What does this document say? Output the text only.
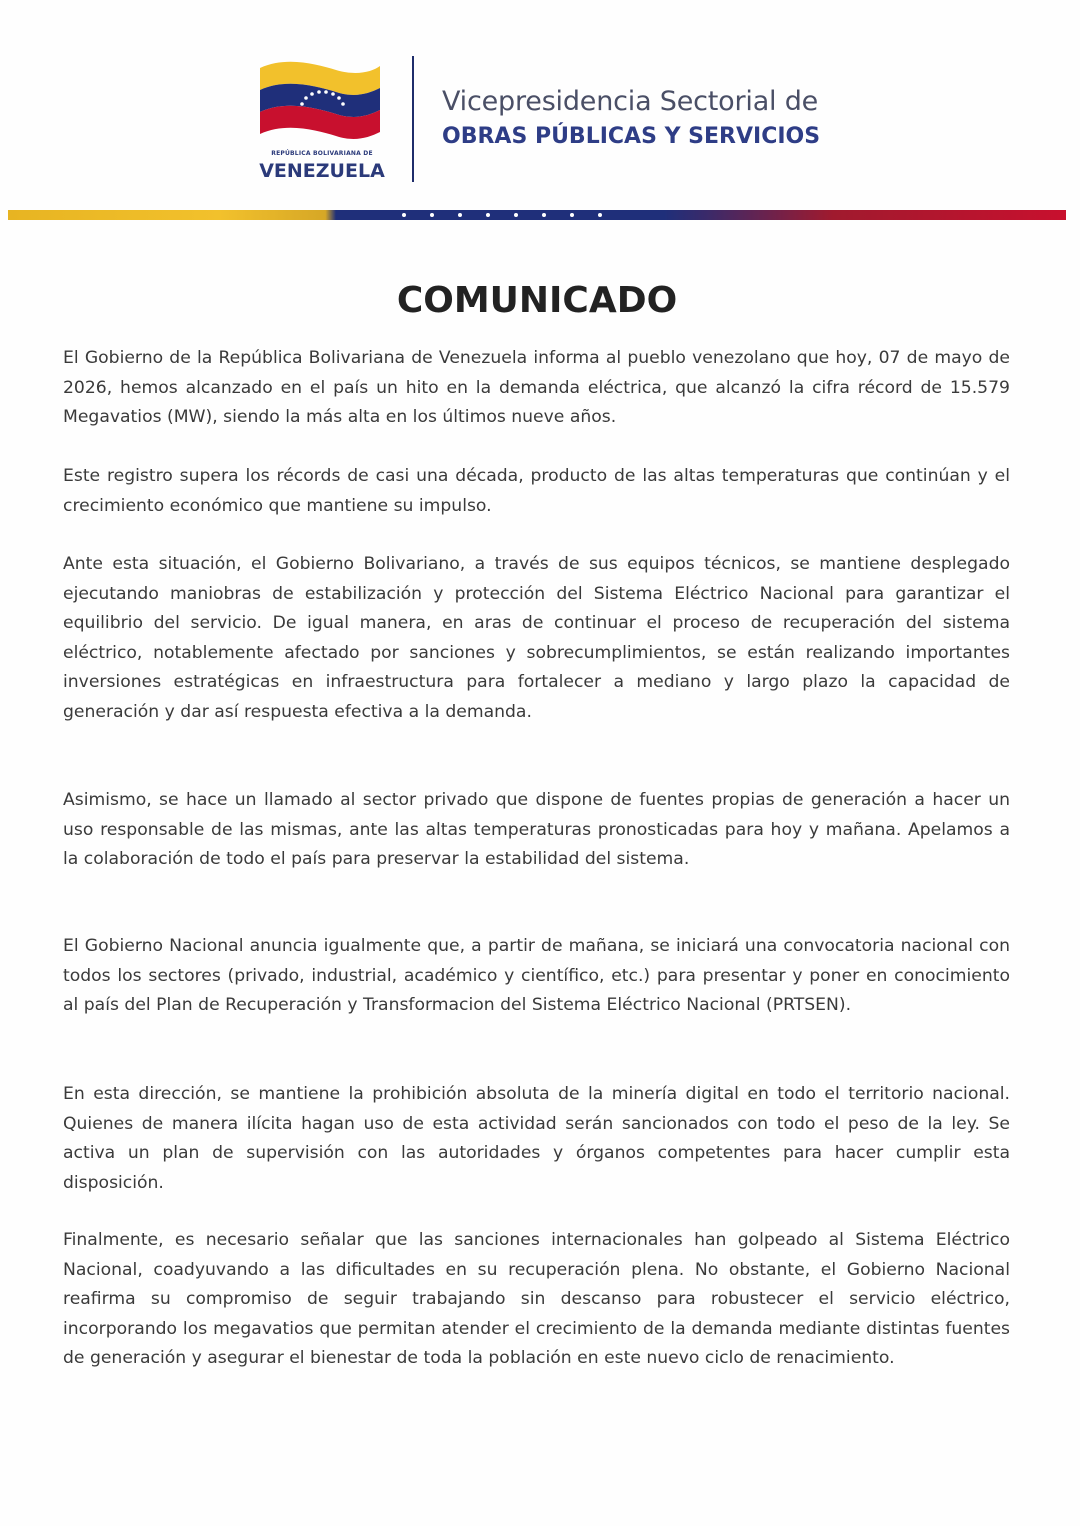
REPÚBLICA BOLIVARIANA DE
VENEZUELA
Vicepresidencia Sectorial de
OBRAS PÚBLICAS Y SERVICIOS
COMUNICADO

El Gobierno de la República Bolivariana de Venezuela informa al pueblo venezolano que hoy, 07 de mayo de 2026, hemos alcanzado en el país un hito en la demanda eléctrica, que alcanzó la cifra récord de 15.579 Megavatios (MW), siendo la más alta en los últimos nueve años.

Este registro supera los récords de casi una década, producto de las altas temperaturas que continúan y el crecimiento económico que mantiene su impulso.

Ante esta situación, el Gobierno Bolivariano, a través de sus equipos técnicos, se mantiene desplegado ejecutando maniobras de estabilización y protección del Sistema Eléctrico Nacional para garantizar el equilibrio del servicio. De igual manera, en aras de continuar el proceso de recuperación del sistema eléctrico, notablemente afectado por sanciones y sobrecumplimientos, se están realizando importantes inversiones estratégicas en infraestructura para fortalecer a mediano y largo plazo la capacidad de generación y dar así respuesta efectiva a la demanda.

Asimismo, se hace un llamado al sector privado que dispone de fuentes propias de generación a hacer un uso responsable de las mismas, ante las altas temperaturas pronosticadas para hoy y mañana. Apelamos a la colaboración de todo el país para preservar la estabilidad del sistema.

El Gobierno Nacional anuncia igualmente que, a partir de mañana, se iniciará una convocatoria nacional con todos los sectores (privado, industrial, académico y científico, etc.) para presentar y poner en conocimiento al país del Plan de Recuperación y Transformacion del Sistema Eléctrico Nacional (PRTSEN).

En esta dirección, se mantiene la prohibición absoluta de la minería digital en todo el territorio nacional. Quienes de manera ilícita hagan uso de esta actividad serán sancionados con todo el peso de la ley. Se activa un plan de supervisión con las autoridades y órganos competentes para hacer cumplir esta disposición.

Finalmente, es necesario señalar que las sanciones internacionales han golpeado al Sistema Eléctrico Nacional, coadyuvando a las dificultades en su recuperación plena. No obstante, el Gobierno Nacional reafirma su compromiso de seguir trabajando sin descanso para robustecer el servicio eléctrico, incorporando los megavatios que permitan atender el crecimiento de la demanda mediante distintas fuentes de generación y asegurar el bienestar de toda la población en este nuevo ciclo de renacimiento.
